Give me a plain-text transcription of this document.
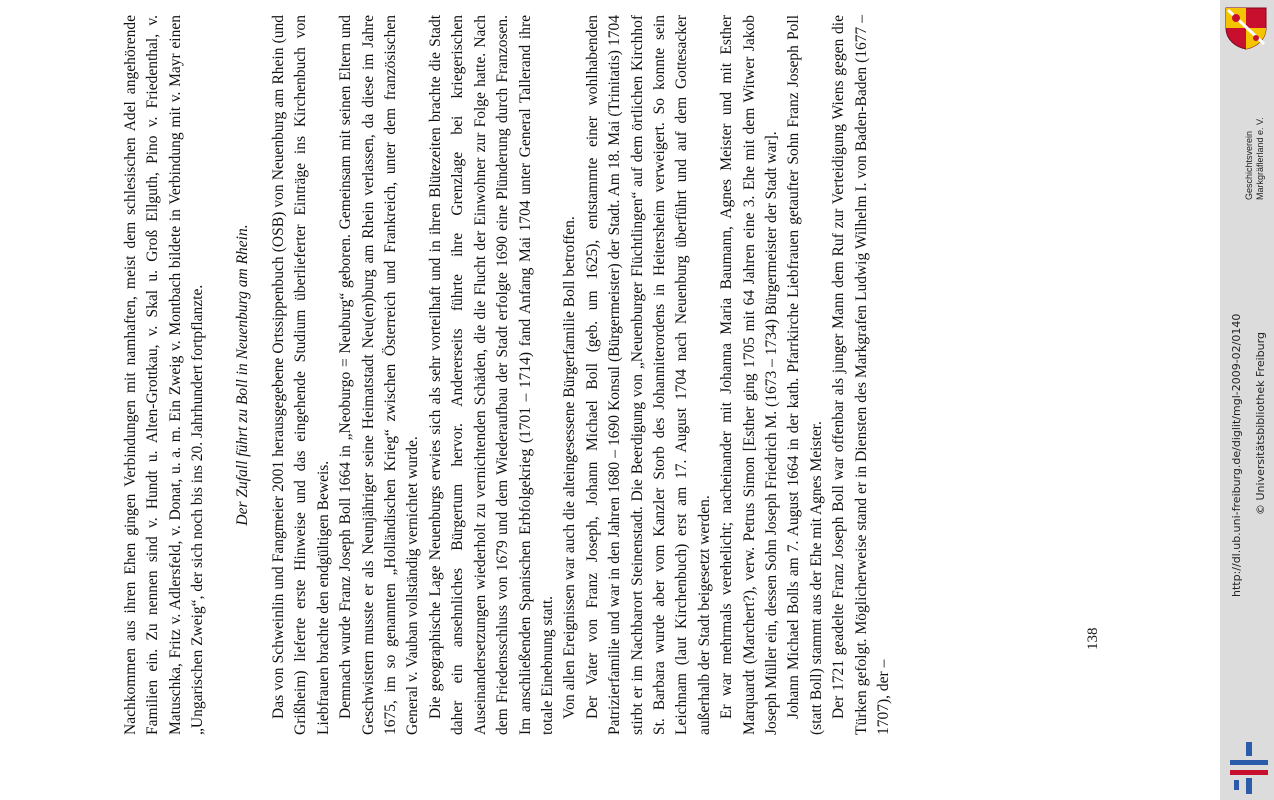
Nachkommen aus ihren Ehen gingen Verbindungen mit namhaften, meist dem schlesischen Adel angehörende Familien ein. Zu nennen sind v. Hundt u. Alten-Grottkau, v. Skal u. Groß Ellguth, Pino v. Friedenthal, v. Matuschka, Fritz v. Adlersfeld, v. Donat, u. a. m. Ein Zweig v. Montbach bildete in Verbindung mit v. Mayr einen „Ungarischen Zweig“, der sich noch bis ins 20. Jahrhundert fortpflanzte. Der Zufall führt zu Boll in Neuenburg am Rhein. Das von Schweinlin und Fangmeier 2001 herausgegebene Ortssippenbuch (OSB) von Neuenburg am Rhein (und Grißheim) lieferte erste Hinweise und das eingehende Studium überlieferter Einträge ins Kirchenbuch von Liebfrauen brachte den endgültigen Beweis. Demnach wurde Franz Joseph Boll 1664 in „Neoburgo = Neuburg“ geboren. Gemeinsam mit seinen Eltern und Geschwistern musste er als Neunjähriger seine Heimatstadt Neu(en)burg am Rhein verlassen, da diese im Jahre 1675, im so genannten „Holländischen Krieg“ zwischen Österreich und Frankreich, unter dem französischen General v. Vauban vollständig vernichtet wurde. Die geographische Lage Neuenburgs erwies sich als sehr vorteilhaft und in ihren Blütezeiten brachte die Stadt daher ein ansehnliches Bürgertum hervor. Andererseits führte ihre Grenzlage bei kriegerischen Auseinandersetzungen wiederholt zu vernichtenden Schäden, die die Flucht der Einwohner zur Folge hatte. Nach dem Friedensschluss von 1679 und dem Wiederaufbau der Stadt erfolgte 1690 eine Plünderung durch Franzosen. Im anschließenden Spanischen Erbfolgekrieg (1701 – 1714) fand Anfang Mai 1704 unter General Tallerand ihre totale Einebnung statt. Von allen Ereignissen war auch die alteingesessene Bürgerfamilie Boll betroffen. Der Vater von Franz Joseph, Johann Michael Boll (geb. um 1625), entstammte einer wohlhabenden Patrizierfamilie und war in den Jahren 1680 – 1690 Konsul (Bürgermeister) der Stadt. Am 18. Mai (Trinitatis) 1704 stirbt er im Nachbarort Steinenstadt. Die Beerdigung von „Neuenburger Flüchtlingen“ auf dem örtlichen Kirchhof St. Barbara wurde aber vom Kanzler Storb des Johanniterordens in Heitersheim verweigert. So konnte sein Leichnam (laut Kirchenbuch) erst am 17. August 1704 nach Neuenburg überführt und auf dem Gottesacker außerhalb der Stadt beigesetzt werden. Er war mehrmals verehelicht; nacheinander mit Johanna Maria Baumann, Agnes Meister und mit Esther Marquardt (Marchert?), verw. Petrus Simon [Esther ging 1705 mit 64 Jahren eine 3. Ehe mit dem Witwer Jakob Joseph Müller ein, dessen Sohn Joseph Friedrich M. (1673 – 1734) Bürgermeister der Stadt war]. Johann Michael Bolls am 7. August 1664 in der kath. Pfarrkirche Liebfrauen getaufter Sohn Franz Joseph Poll (statt Boll) stammt aus der Ehe mit Agnes Meister. Der 1721 geadelte Franz Joseph Boll war offenbar als junger Mann dem Ruf zur Verteidigung Wiens gegen die Türken gefolgt. Möglicherweise stand er in Diensten des Markgrafen Ludwig Wilhelm I. von Baden-Baden (1677 – 1707), der –

138
Geschichtsverein Markgräflerland e. V.
http://dl.ub.uni-freiburg.de/diglit/mgl-2009-02/0140 © Universitätsbibliothek Freiburg
